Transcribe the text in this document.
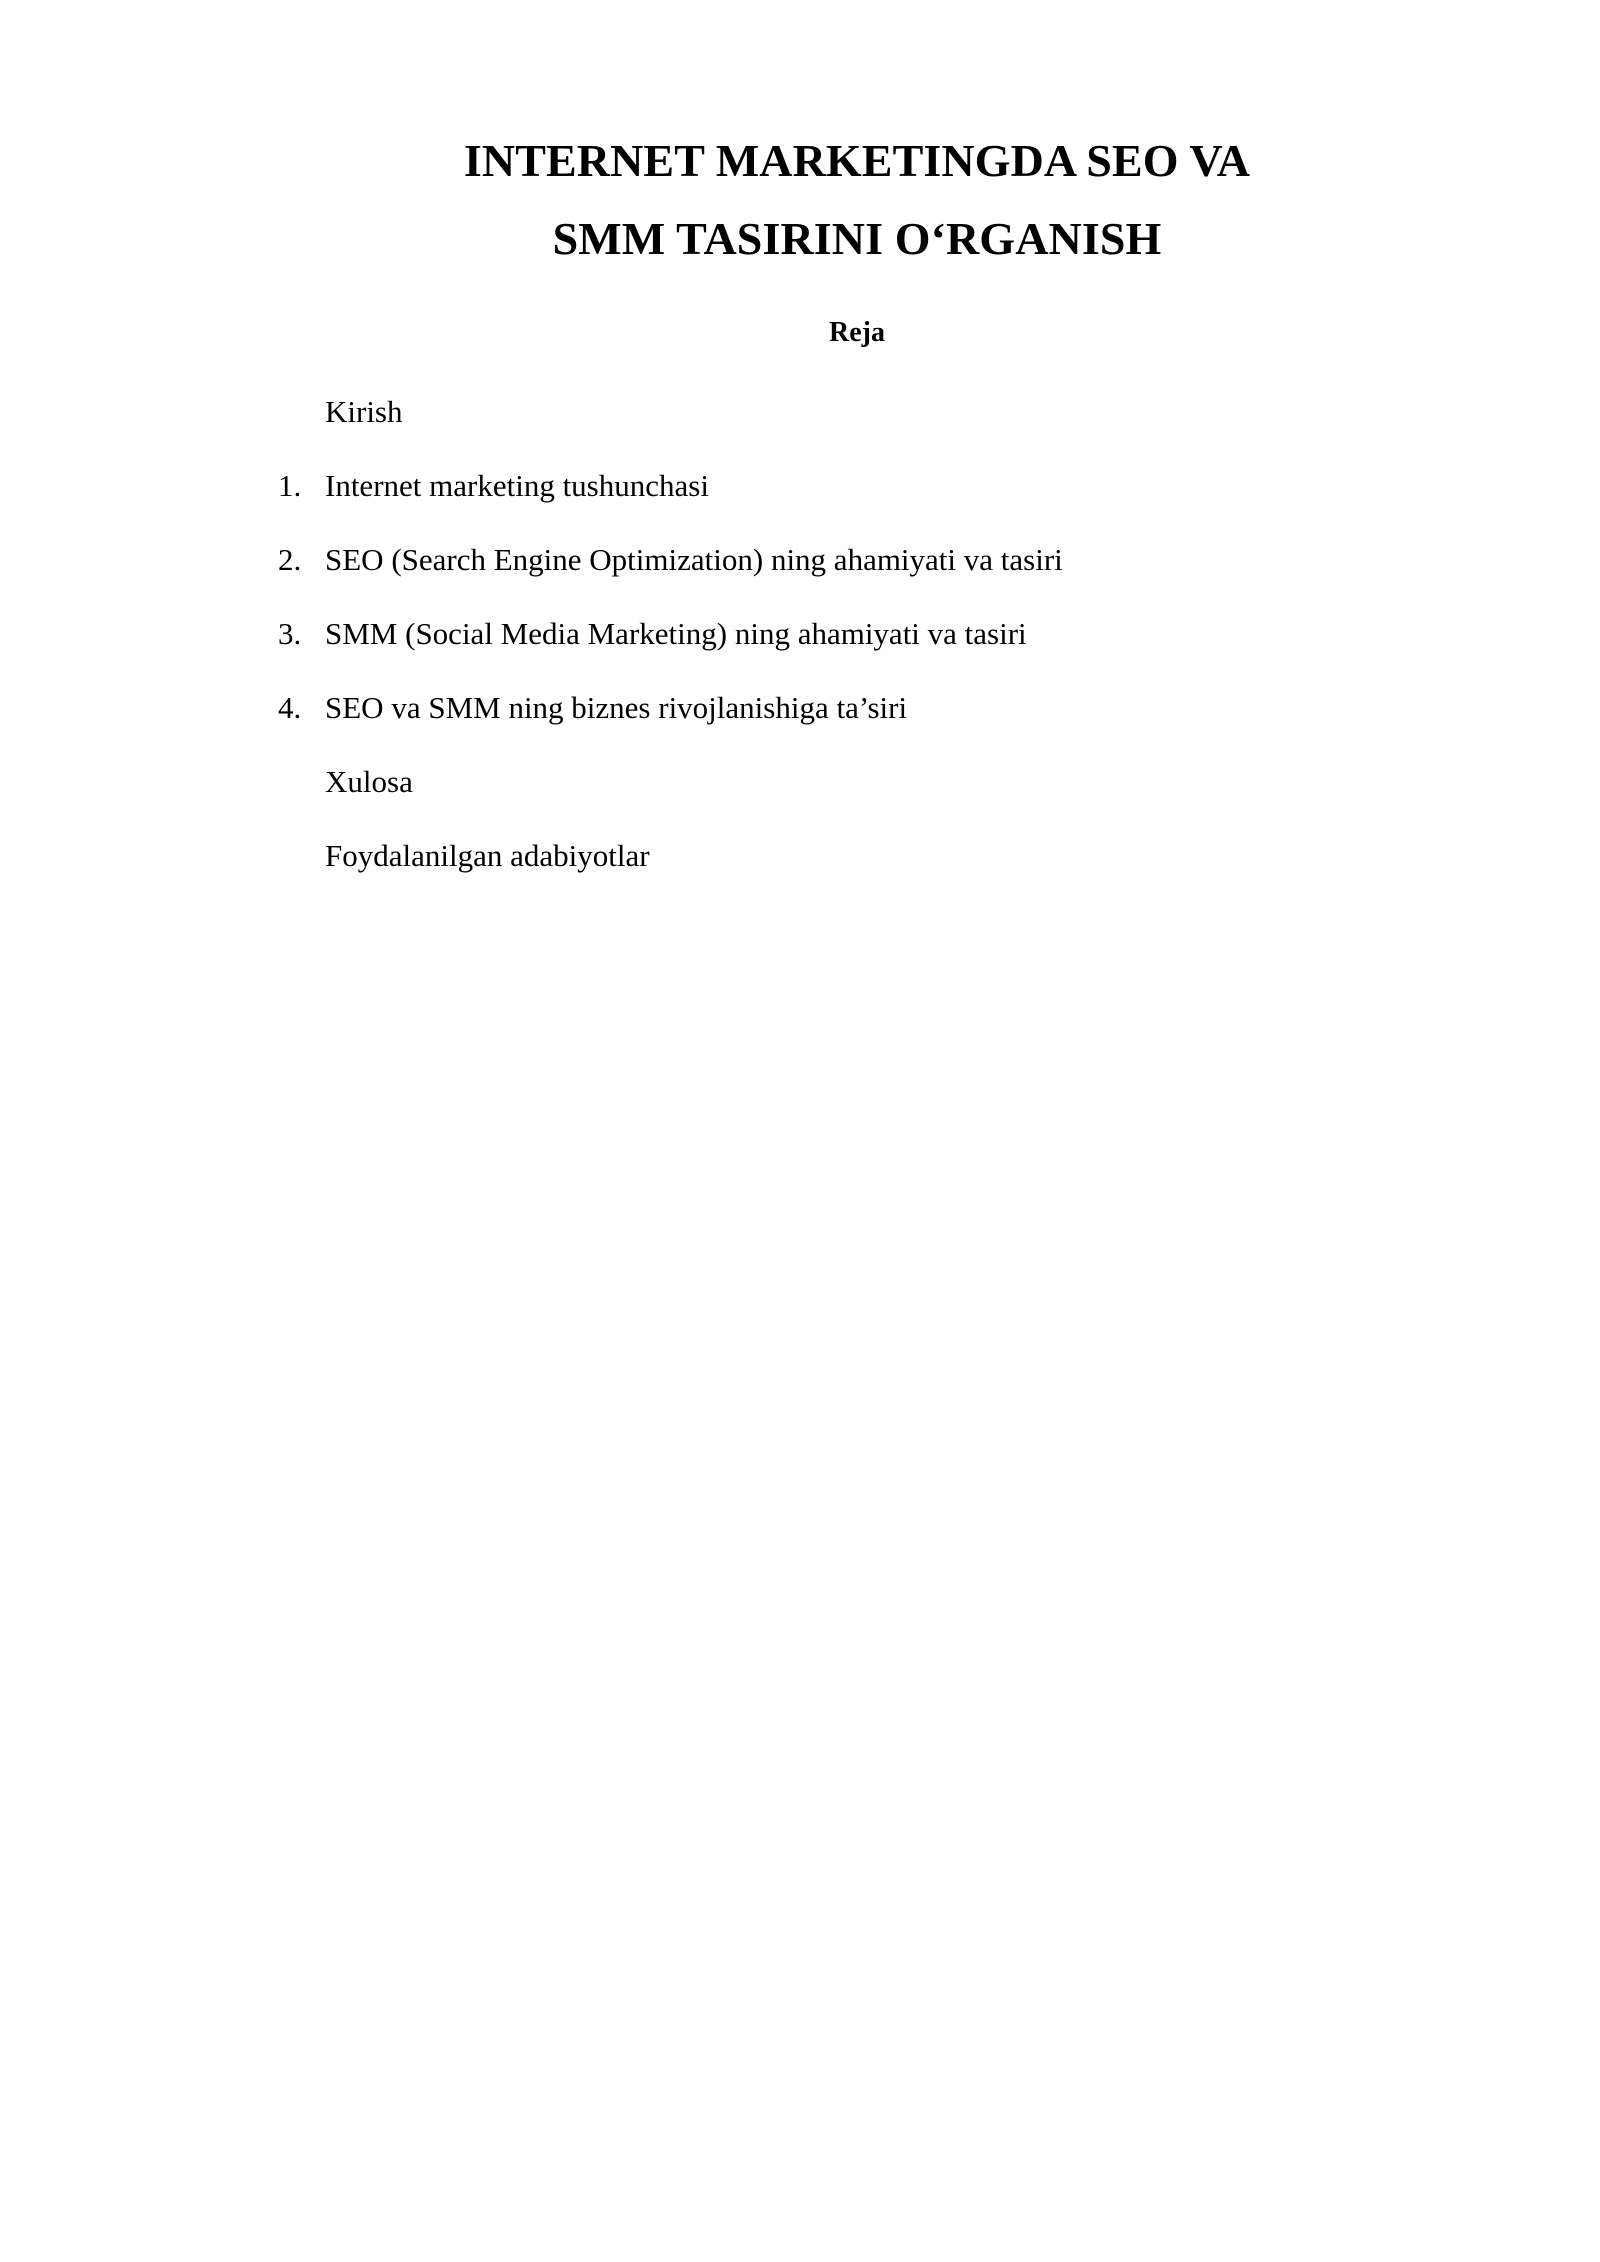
INTERNET MARKETINGDA SEO VA
SMM TASIRINI O‘RGANISH
Reja
Kirish
1. Internet marketing tushunchasi
2. SEO (Search Engine Optimization) ning ahamiyati va tasiri
3. SMM (Social Media Marketing) ning ahamiyati va tasiri
4. SEO va SMM ning biznes rivojlanishiga ta’siri
Xulosa
Foydalanilgan adabiyotlar
